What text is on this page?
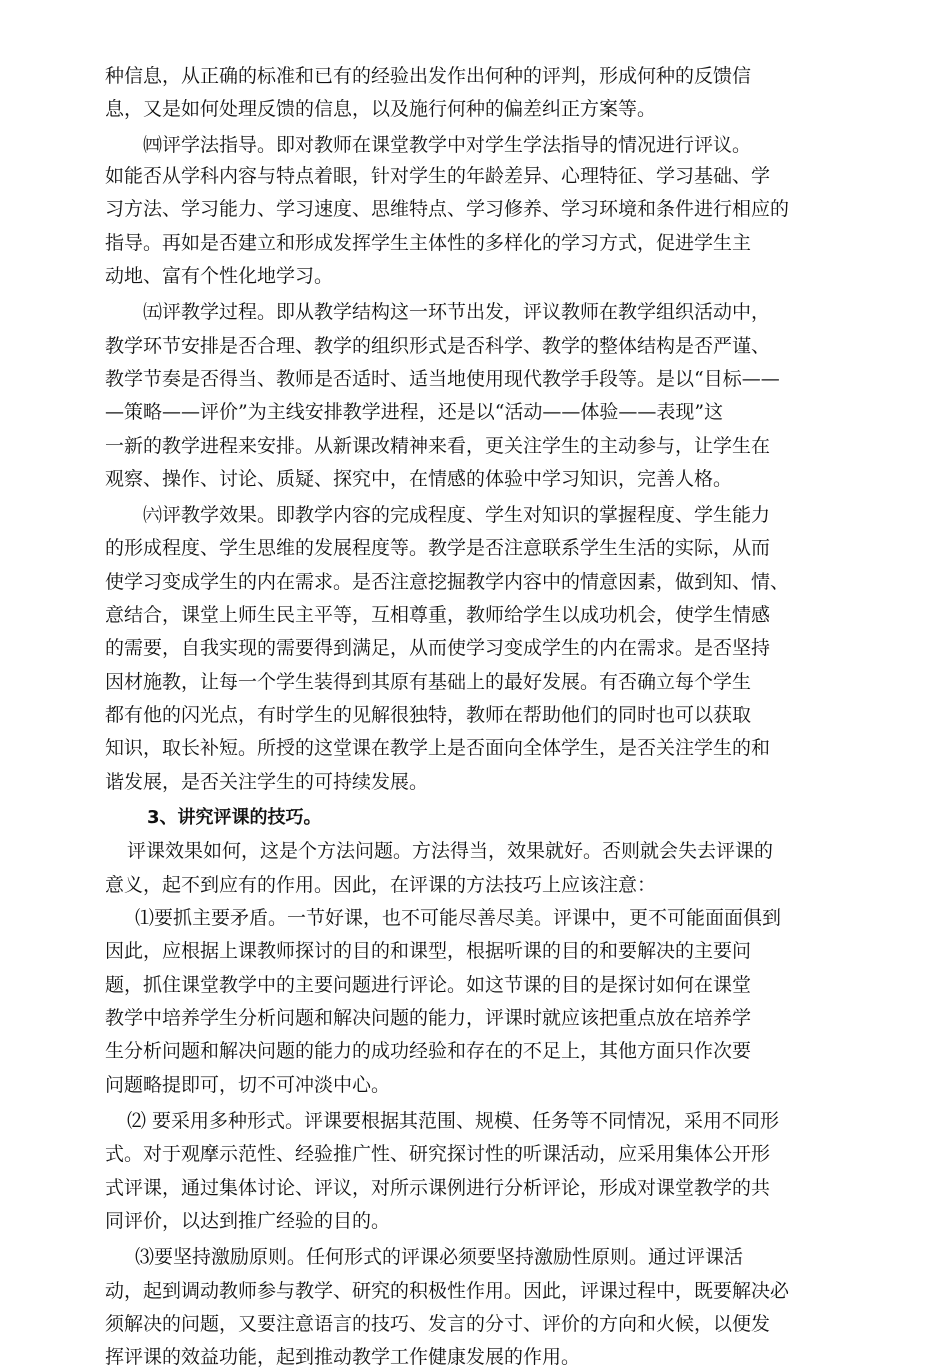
种信息，从正确的标准和已有的经验出发作出何种的评判，形成何种的反馈信
息，又是如何处理反馈的信息，以及施行何种的偏差纠正方案等。
㈣评学法指导。即对教师在课堂教学中对学生学法指导的情况进行评议。
如能否从学科内容与特点着眼，针对学生的年龄差异、心理特征、学习基础、学
习方法、学习能力、学习速度、思维特点、学习修养、学习环境和条件进行相应的
指导。再如是否建立和形成发挥学生主体性的多样化的学习方式，促进学生主
动地、富有个性化地学习。
㈤评教学过程。即从教学结构这一环节出发，评议教师在教学组织活动中，
教学环节安排是否合理、教学的组织形式是否科学、教学的整体结构是否严谨、
教学节奏是否得当、教师是否适时、适当地使用现代教学手段等。是以“目标——
—策略——评价”为主线安排教学进程，还是以“活动——体验——表现”这
一新的教学进程来安排。从新课改精神来看，更关注学生的主动参与，让学生在
观察、操作、讨论、质疑、探究中，在情感的体验中学习知识，完善人格。
㈥评教学效果。即教学内容的完成程度、学生对知识的掌握程度、学生能力
的形成程度、学生思维的发展程度等。教学是否注意联系学生生活的实际，从而
使学习变成学生的内在需求。是否注意挖掘教学内容中的情意因素，做到知、情、
意结合，课堂上师生民主平等，互相尊重，教师给学生以成功机会，使学生情感
的需要，自我实现的需要得到满足，从而使学习变成学生的内在需求。是否坚持
因材施教，让每一个学生装得到其原有基础上的最好发展。有否确立每个学生
都有他的闪光点，有时学生的见解很独特，教师在帮助他们的同时也可以获取
知识，取长补短。所授的这堂课在教学上是否面向全体学生，是否关注学生的和
谐发展，是否关注学生的可持续发展。
3、讲究评课的技巧。
评课效果如何，这是个方法问题。方法得当，效果就好。否则就会失去评课的
意义，起不到应有的作用。因此，在评课的方法技巧上应该注意：
⑴要抓主要矛盾。一节好课，也不可能尽善尽美。评课中，更不可能面面俱到
因此，应根据上课教师探讨的目的和课型，根据听课的目的和要解决的主要问
题，抓住课堂教学中的主要问题进行评论。如这节课的目的是探讨如何在课堂
教学中培养学生分析问题和解决问题的能力，评课时就应该把重点放在培养学
生分析问题和解决问题的能力的成功经验和存在的不足上，其他方面只作次要
问题略提即可，切不可冲淡中心。
⑵ 要采用多种形式。评课要根据其范围、规模、任务等不同情况，采用不同形
式。对于观摩示范性、经验推广性、研究探讨性的听课活动，应采用集体公开形
式评课，通过集体讨论、评议，对所示课例进行分析评论，形成对课堂教学的共
同评价，以达到推广经验的目的。
⑶要坚持激励原则。任何形式的评课必须要坚持激励性原则。通过评课活
动，起到调动教师参与教学、研究的积极性作用。因此，评课过程中，既要解决必
须解决的问题，又要注意语言的技巧、发言的分寸、评价的方向和火候，以便发
挥评课的效益功能，起到推动教学工作健康发展的作用。
